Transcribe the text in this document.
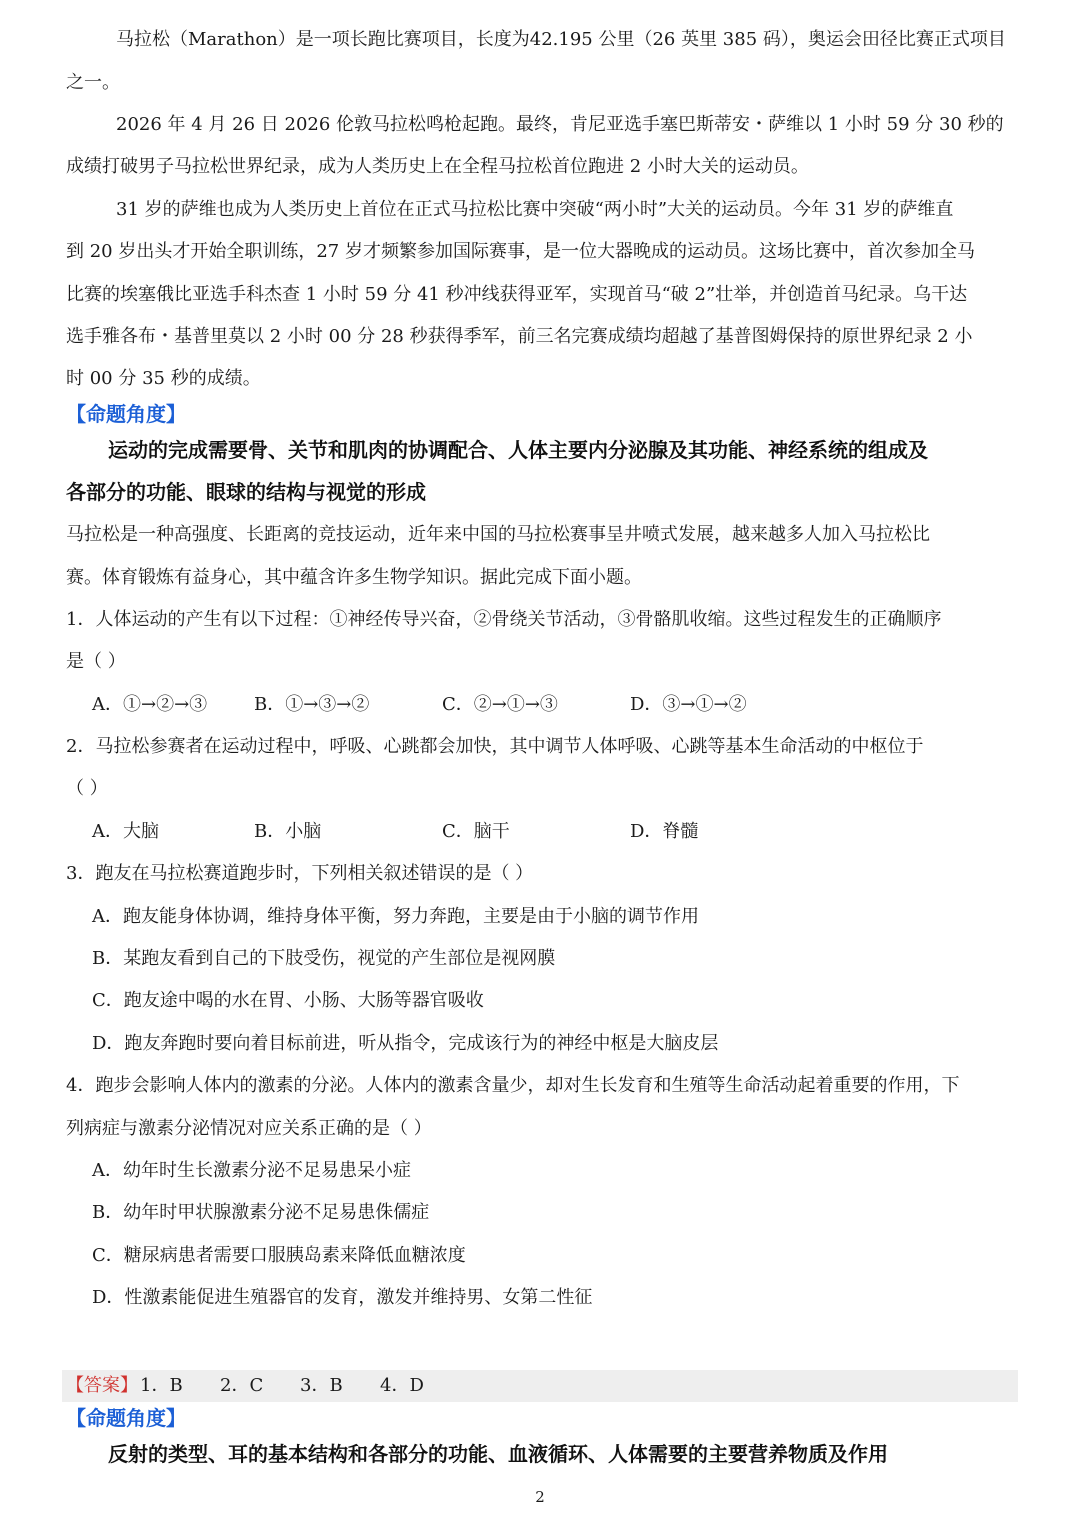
马拉松（Marathon）是一项长跑比赛项目，长度为42.195 公里（26 英里 385 码），奥运会田径比赛正式项目
之一。
2026 年 4 月 26 日 2026 伦敦马拉松鸣枪起跑。最终，肯尼亚选手塞巴斯蒂安・萨维以 1 小时 59 分 30 秒的
成绩打破男子马拉松世界纪录，成为人类历史上在全程马拉松首位跑进 2 小时大关的运动员。
31 岁的萨维也成为人类历史上首位在正式马拉松比赛中突破“两小时”大关的运动员。今年 31 岁的萨维直
到 20 岁出头才开始全职训练，27 岁才频繁参加国际赛事，是一位大器晚成的运动员。这场比赛中，首次参加全马
比赛的埃塞俄比亚选手科杰查 1 小时 59 分 41 秒冲线获得亚军，实现首马“破 2”壮举，并创造首马纪录。乌干达
选手雅各布・基普里莫以 2 小时 00 分 28 秒获得季军，前三名完赛成绩均超越了基普图姆保持的原世界纪录 2 小
时 00 分 35 秒的成绩。
【命题角度】
运动的完成需要骨、关节和肌肉的协调配合、人体主要内分泌腺及其功能、神经系统的组成及
各部分的功能、眼球的结构与视觉的形成
马拉松是一种高强度、长距离的竞技运动，近年来中国的马拉松赛事呈井喷式发展，越来越多人加入马拉松比
赛。体育锻炼有益身心，其中蕴含许多生物学知识。据此完成下面小题。
1．人体运动的产生有以下过程：①神经传导兴奋，②骨绕关节活动，③骨骼肌收缩。这些过程发生的正确顺序
是（ ）
A．①→②→③	B．①→③→②	C．②→①→③	D．③→①→②
2．马拉松参赛者在运动过程中，呼吸、心跳都会加快，其中调节人体呼吸、心跳等基本生命活动的中枢位于
（ ）
A．大脑	B．小脑	C．脑干	D．脊髓
3．跑友在马拉松赛道跑步时，下列相关叙述错误的是（ ）
A．跑友能身体协调，维持身体平衡，努力奔跑，主要是由于小脑的调节作用
B．某跑友看到自己的下肢受伤，视觉的产生部位是视网膜
C．跑友途中喝的水在胃、小肠、大肠等器官吸收
D．跑友奔跑时要向着目标前进，听从指令，完成该行为的神经中枢是大脑皮层
4．跑步会影响人体内的激素的分泌。人体内的激素含量少，却对生长发育和生殖等生命活动起着重要的作用，下
列病症与激素分泌情况对应关系正确的是（ ）
A．幼年时生长激素分泌不足易患呆小症
B．幼年时甲状腺激素分泌不足易患侏儒症
C．糖尿病患者需要口服胰岛素来降低血糖浓度
D．性激素能促进生殖器官的发育，激发并维持男、女第二性征
【答案】 1．B 2．C 3．B 4．D
【命题角度】
反射的类型、耳的基本结构和各部分的功能、血液循环、人体需要的主要营养物质及作用
2
